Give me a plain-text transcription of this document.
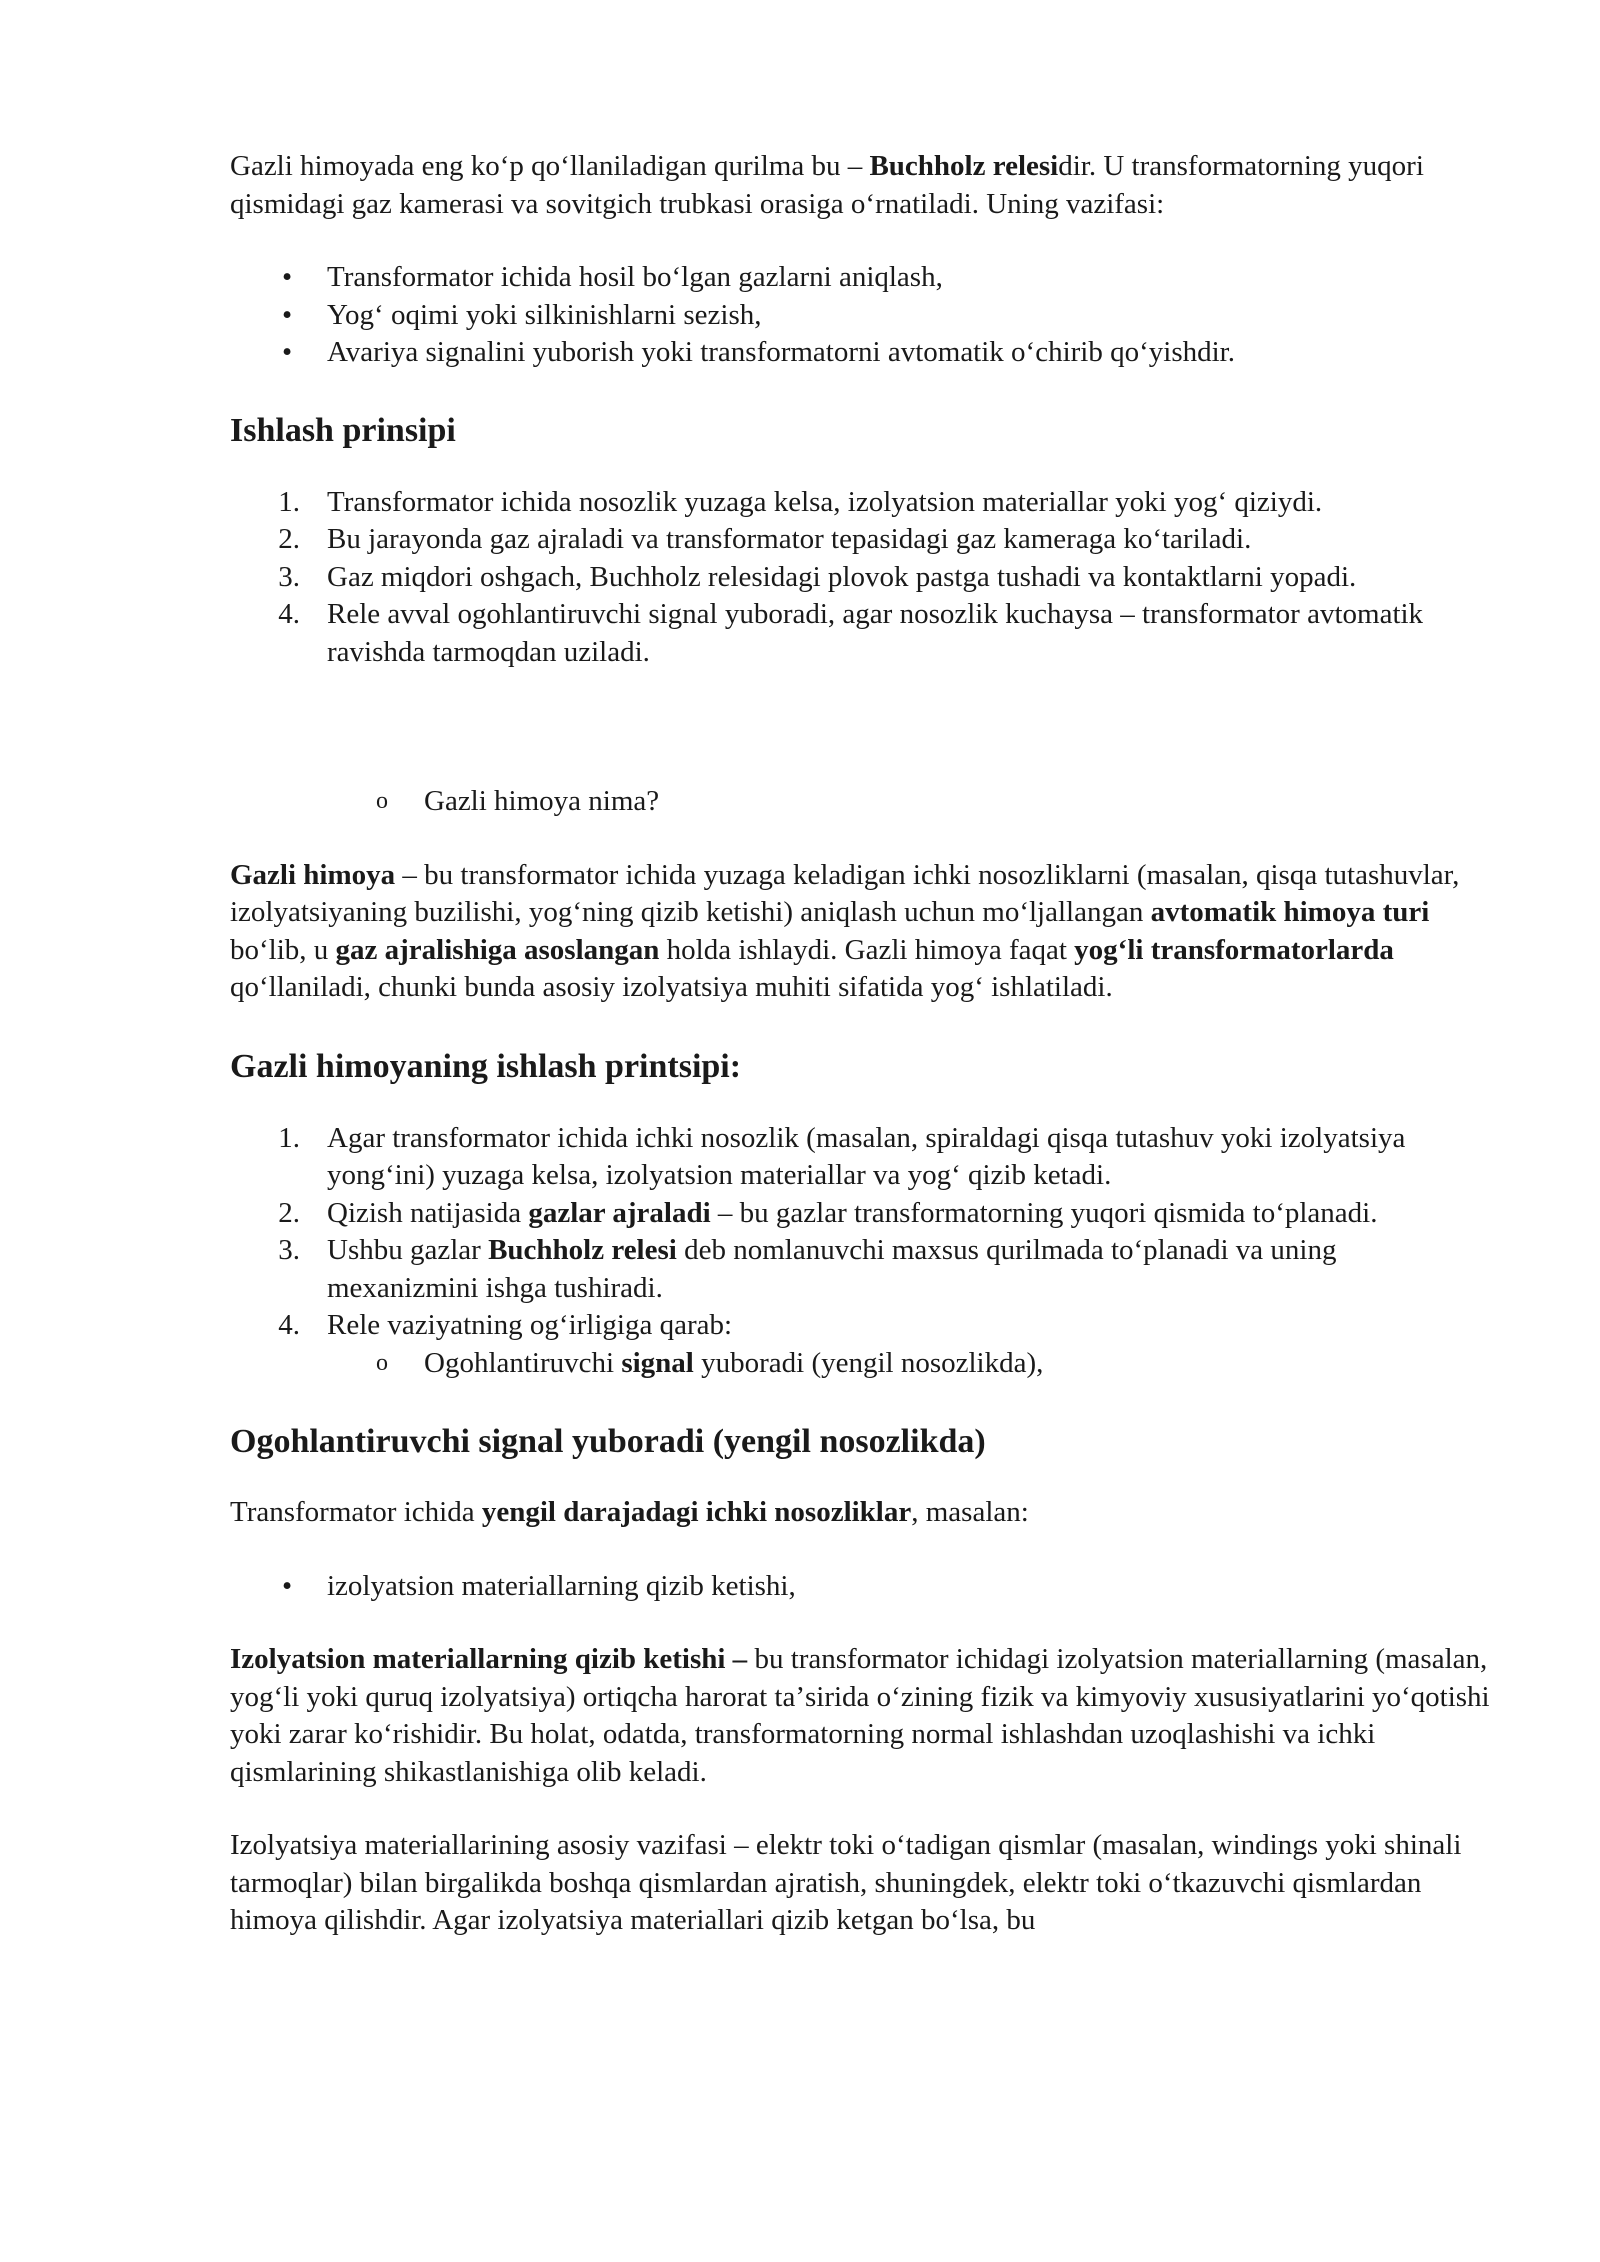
Gazli himoyada eng koʻp qoʻllaniladigan qurilma bu – Buchholz relesidir. U transformatorning yuqori qismidagi gaz kamerasi va sovitgich trubkasi orasiga oʻrnatiladi. Uning vazifasi:

• Transformator ichida hosil boʻlgan gazlarni aniqlash,
• Yogʻ oqimi yoki silkinishlarni sezish,
• Avariya signalini yuborish yoki transformatorni avtomatik oʻchirib qoʻyishdir.
Ishlash prinsipi
1. Transformator ichida nosozlik yuzaga kelsa, izolyatsion materiallar yoki yogʻ qiziydi.
2. Bu jarayonda gaz ajraladi va transformator tepasidagi gaz kameraga koʻtariladi.
3. Gaz miqdori oshgach, Buchholz relesidagi plovok pastga tushadi va kontaktlarni yopadi.
4. Rele avval ogohlantiruvchi signal yuboradi, agar nosozlik kuchaysa – transformator avtomatik ravishda tarmoqdan uziladi.
o Gazli himoya nima?

Gazli himoya – bu transformator ichida yuzaga keladigan ichki nosozliklarni (masalan, qisqa tutashuvlar, izolyatsiyaning buzilishi, yogʻning qizib ketishi) aniqlash uchun moʻljallangan avtomatik himoya turi boʻlib, u gaz ajralishiga asoslangan holda ishlaydi. Gazli himoya faqat yogʻli transformatorlarda qoʻllaniladi, chunki bunda asosiy izolyatsiya muhiti sifatida yogʻ ishlatiladi.

Gazli himoyaning ishlash printsipi:
1. Agar transformator ichida ichki nosozlik (masalan, spiraldagi qisqa tutashuv yoki izolyatsiya yongʻini) yuzaga kelsa, izolyatsion materiallar va yogʻ qizib ketadi.
2. Qizish natijasida gazlar ajraladi – bu gazlar transformatorning yuqori qismida toʻplanadi.
3. Ushbu gazlar Buchholz relesi deb nomlanuvchi maxsus qurilmada toʻplanadi va uning mexanizmini ishga tushiradi.
4. Rele vaziyatning ogʻirligiga qarab:
o Ogohlantiruvchi signal yuboradi (yengil nosozlikda),
Ogohlantiruvchi signal yuboradi (yengil nosozlikda)

Transformator ichida yengil darajadagi ichki nosozliklar, masalan:

• izolyatsion materiallarning qizib ketishi,

Izolyatsion materiallarning qizib ketishi – bu transformator ichidagi izolyatsion materiallarning (masalan, yogʻli yoki quruq izolyatsiya) ortiqcha harorat taʼsirida oʻzining fizik va kimyoviy xususiyatlarini yoʻqotishi yoki zarar koʻrishidir. Bu holat, odatda, transformatorning normal ishlashdan uzoqlashishi va ichki qismlarining shikastlanishiga olib keladi.

Izolyatsiya materiallarining asosiy vazifasi – elektr toki oʻtadigan qismlar (masalan, windings yoki shinali tarmoqlar) bilan birgalikda boshqa qismlardan ajratish, shuningdek, elektr toki oʻtkazuvchi qismlardan himoya qilishdir. Agar izolyatsiya materiallari qizib ketgan boʻlsa, bu
